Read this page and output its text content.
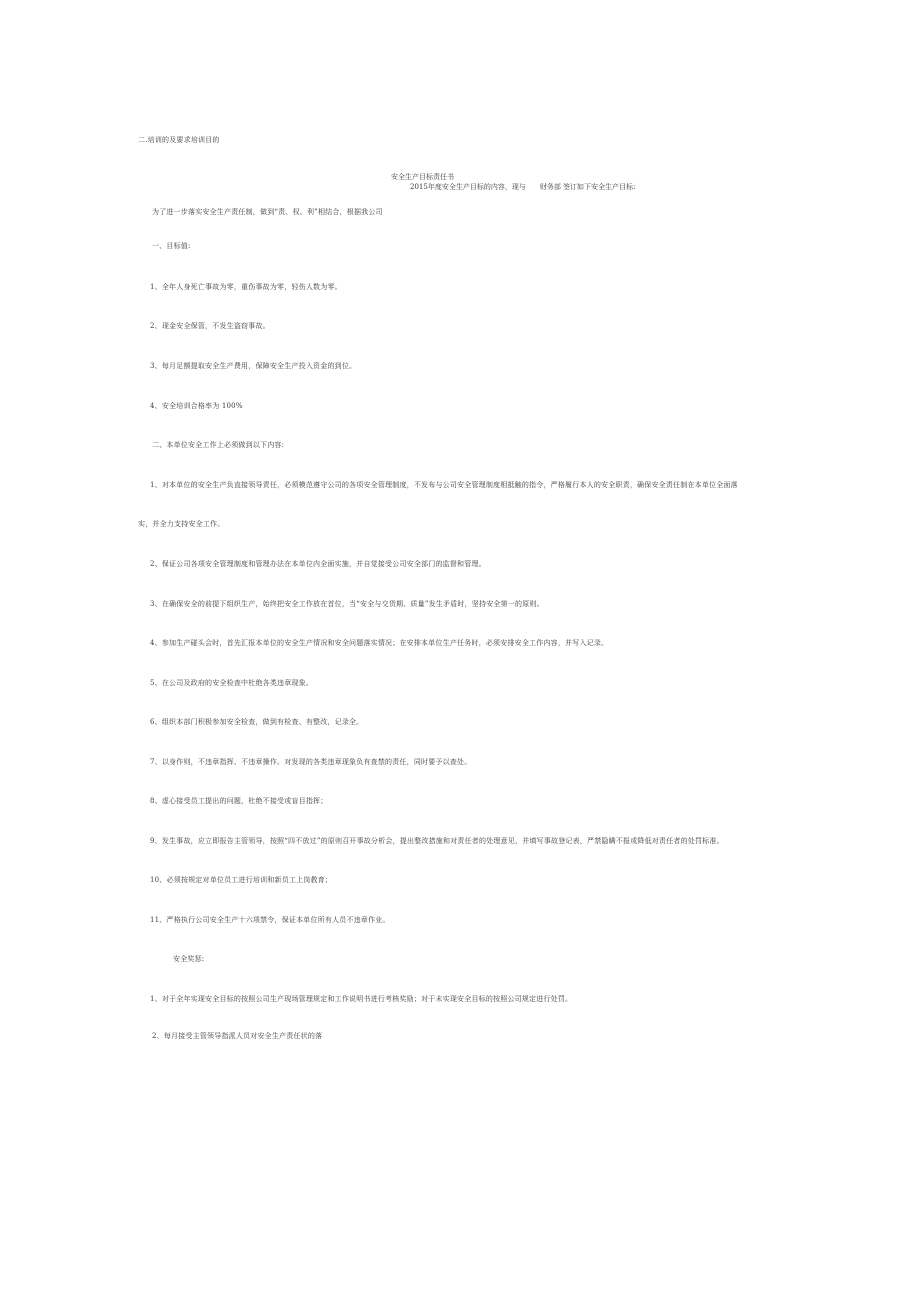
二.培训的及要求培训目的
安全生产目标责任书
2015年度安全生产目标的内容，现与 财务部 签订如下安全生产目标:
为了进一步落实安全生产责任制，做到“责、权、利”相结合，根据我公司
一、目标值:
1、全年人身死亡事故为零，重伤事故为零，轻伤人数为零。
2、现金安全保管，不发生盗窃事故。
3、每月足额提取安全生产费用，保障安全生产投入资金的到位。
4、安全培训合格率为 100%
二、本单位安全工作上必须做到以下内容:
1、对本单位的安全生产负直接领导责任，必须模范遵守公司的各项安全管理制度，不发布与公司安全管理制度相抵触的指令，严格履行本人的安全职责，确保安全责任制在本单位全面落
实，并全力支持安全工作。
2、保证公司各项安全管理制度和管理办法在本单位内全面实施，并自觉接受公司安全部门的监督和管理。
3、在确保安全的前提下组织生产，始终把安全工作放在首位，当“安全与交货期、质量”发生矛盾时，坚持安全第一的原则。
4、参加生产碰头会时，首先汇报本单位的安全生产情况和安全问题落实情况；在安排本单位生产任务时，必须安排安全工作内容，并写入记录。
5、在公司及政府的安全检查中杜绝各类违章现象。
6、组织本部门积极参加安全检查，做到有检查、有整改，记录全。
7、以身作则，不违章指挥、不违章操作。对发现的各类违章现象负有查禁的责任，同时要予以查处。
8、虚心接受员工提出的问题，杜绝不接受或盲目指挥；
9、发生事故，应立即报告主管领导，按照“四不放过”的原则召开事故分析会，提出整改措施和对责任者的处理意见，并填写事故登记表，严禁隐瞒不报或降低对责任者的处罚标准。
10、必须按规定对单位员工进行培训和新员工上岗教育；
11、严格执行公司安全生产十六项禁令，保证本单位所有人员不违章作业。
安全奖惩:
1、对于全年实现安全目标的按照公司生产现场管理规定和工作说明书进行考核奖励；对于未实现安全目标的按照公司规定进行处罚。
2、每月接受主管领导指派人员对安全生产责任状的落
